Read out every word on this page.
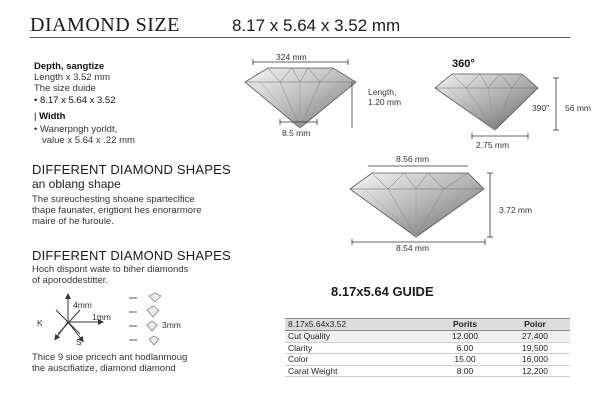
DIAMOND SIZE	8.17 x 5.64 x 3.52 mm
Depth, sangtize
Length x 3.52 mm
The size duide
• 8.17 x 5.64 x 3.52
| Width
• Wanerpngh yorldt,
value x 5.64 x .22 mm
DIFFERENT DIAMOND SHAPES
an oblang shape
The sureuchesting shoane sparteclfice
thape faunater, erigtiont hes enorarmore
maire of he furoule.
DIFFERENT DIAMOND SHAPES
Hoch dispont wate to biher diamonds
of aporoddestitter.
4mm
1mm
K
S
3mm
Thice 9 sioe pricech ant hodlanmoug
the auscifiatize, diamond diamond
324 mm
8.5 mm
Length,
1.20 mm
360°
390" 56 mm
2.75 mm
8.56 mm
8.54 mm
3.72 mm
8.17x5.64 GUIDE
8.17x5.64x3.52	Porits	Polor
Cut Quality	12.000	27,400
Clarity	6.00	19,500
Color	15.00	16,000
Carat Weight	8.00	12,200
